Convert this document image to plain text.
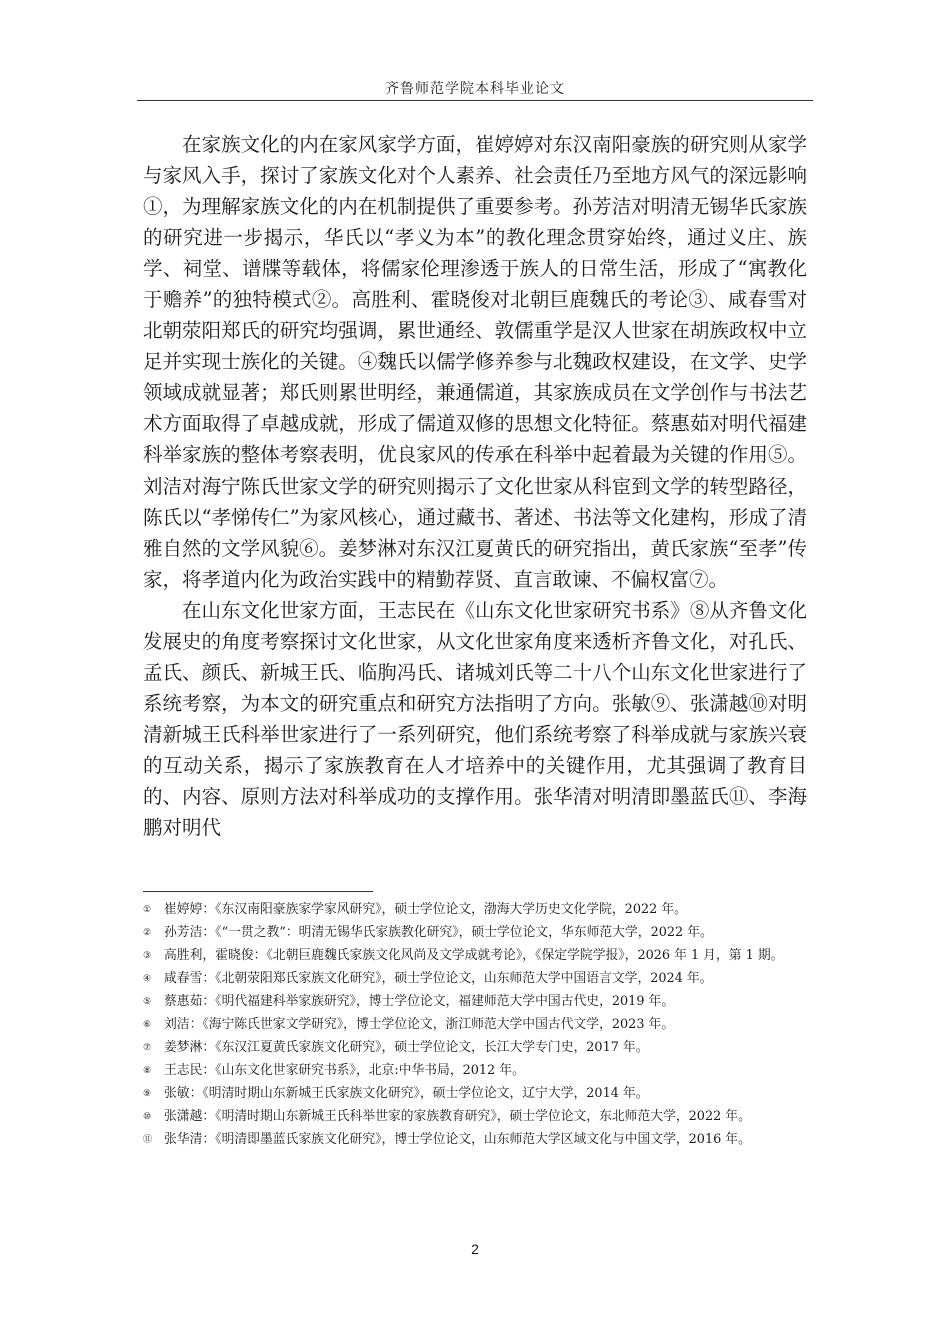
齐鲁师范学院本科毕业论文

在家族文化的内在家风家学方面，崔婷婷对东汉南阳豪族的研究则从家学与家风入手，探讨了家族文化对个人素养、社会责任乃至地方风气的深远影响①，为理解家族文化的内在机制提供了重要参考。孙芳洁对明清无锡华氏家族的研究进一步揭示，华氏以“孝义为本”的教化理念贯穿始终，通过义庄、族学、祠堂、谱牒等载体，将儒家伦理渗透于族人的日常生活，形成了“寓教化于赡养”的独特模式②。高胜利、霍晓俊对北朝巨鹿魏氏的考论③、咸春雪对北朝荥阳郑氏的研究均强调，累世通经、敦儒重学是汉人世家在胡族政权中立足并实现士族化的关键。④魏氏以儒学修养参与北魏政权建设，在文学、史学领域成就显著；郑氏则累世明经，兼通儒道，其家族成员在文学创作与书法艺术方面取得了卓越成就，形成了儒道双修的思想文化特征。蔡惠茹对明代福建科举家族的整体考察表明，优良家风的传承在科举中起着最为关键的作用⑤。刘洁对海宁陈氏世家文学的研究则揭示了文化世家从科宦到文学的转型路径，陈氏以“孝悌传仁”为家风核心，通过藏书、著述、书法等文化建构，形成了清雅自然的文学风貌⑥。姜梦淋对东汉江夏黄氏的研究指出，黄氏家族“至孝”传家，将孝道内化为政治实践中的精勤荐贤、直言敢谏、不偏权富⑦。

在山东文化世家方面，王志民在《山东文化世家研究书系》⑧从齐鲁文化发展史的角度考察探讨文化世家，从文化世家角度来透析齐鲁文化，对孔氏、孟氏、颜氏、新城王氏、临朐冯氏、诸城刘氏等二十八个山东文化世家进行了系统考察，为本文的研究重点和研究方法指明了方向。张敏⑨、张潇越⑩对明清新城王氏科举世家进行了一系列研究，他们系统考察了科举成就与家族兴衰的互动关系，揭示了家族教育在人才培养中的关键作用，尤其强调了教育目的、内容、原则方法对科举成功的支撑作用。张华清对明清即墨蓝氏⑪、李海鹏对明代

① 崔婷婷：《东汉南阳豪族家学家风研究》，硕士学位论文，渤海大学历史文化学院，2022 年。
② 孙芳洁：《“一贯之教”：明清无锡华氏家族教化研究》，硕士学位论文，华东师范大学，2022 年。
③ 高胜利，霍晓俊：《北朝巨鹿魏氏家族文化风尚及文学成就考论》，《保定学院学报》，2026 年 1 月，第 1 期。
④ 咸春雪：《北朝荥阳郑氏家族文化研究》，硕士学位论文，山东师范大学中国语言文学，2024 年。
⑤ 蔡惠茹：《明代福建科举家族研究》，博士学位论文，福建师范大学中国古代史，2019 年。
⑥ 刘洁：《海宁陈氏世家文学研究》，博士学位论文，浙江师范大学中国古代文学，2023 年。
⑦ 姜梦淋：《东汉江夏黄氏家族文化研究》，硕士学位论文，长江大学专门史，2017 年。
⑧ 王志民：《山东文化世家研究书系》，北京:中华书局，2012 年。
⑨ 张敏：《明清时期山东新城王氏家族文化研究》，硕士学位论文，辽宁大学，2014 年。
⑩ 张潇越：《明清时期山东新城王氏科举世家的家族教育研究》，硕士学位论文，东北师范大学，2022 年。
⑪ 张华清：《明清即墨蓝氏家族文化研究》，博士学位论文，山东师范大学区域文化与中国文学，2016 年。
2
